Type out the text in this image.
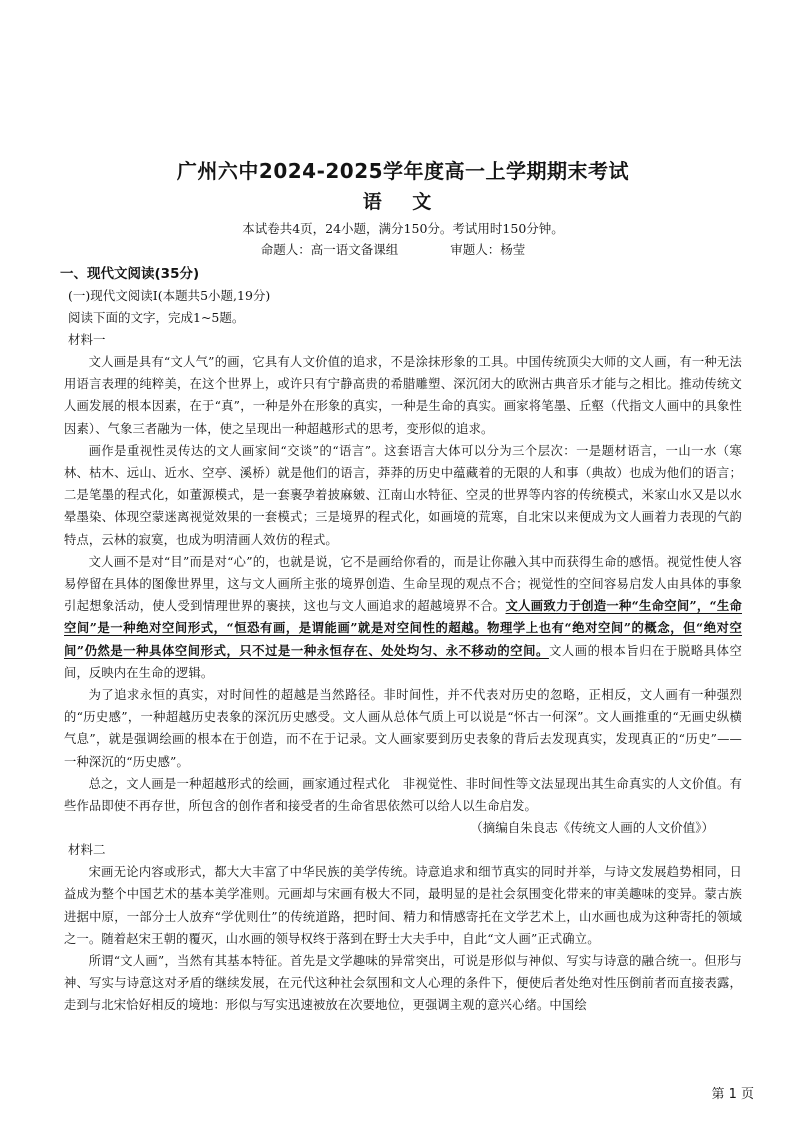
广州六中2024-2025学年度高一上学期期末考试

语 文

本试卷共4页，24小题，满分150分。考试用时150分钟。

命题人：高一语文备课组	审题人：杨莹

一、现代文阅读(35分)

(一)现代文阅读Ⅰ(本题共5小题,19分)

阅读下面的文字，完成1~5题。

材料一

文人画是具有“文人气”的画，它具有人文价值的追求，不是涂抹形象的工具。中国传统顶尖大师的文人画，有一种无法用语言表理的纯粹美，在这个世界上，或许只有宁静高贵的希腊雕塑、深沉闭大的欧洲古典音乐才能与之相比。推动传统文人画发展的根本因素，在于“真”，一种是外在形象的真实，一种是生命的真实。画家将笔墨、丘壑（代指文人画中的具象性因素）、气象三者融为一体，使之呈现出一种超越形式的思考，变形似的追求。

画作是重视性灵传达的文人画家间“交谈”的“语言”。这套语言大体可以分为三个层次：一是题材语言，一山一水（寒林、枯木、远山、近水、空亭、溪桥）就是他们的语言，莽莽的历史中蕴藏着的无限的人和事（典故）也成为他们的语言；二是笔墨的程式化，如董源模式，是一套裹孕着披麻皴、江南山水特征、空灵的世界等内容的传统模式，米家山水又是以水晕墨染、体现空蒙迷离视觉效果的一套模式；三是境界的程式化，如画境的荒寒，自北宋以来便成为文人画着力表现的气韵特点，云林的寂寞，也成为明清画人效仿的程式。

文人画不是对“目”而是对“心”的，也就是说，它不是画给你看的，而是让你融入其中而获得生命的感悟。视觉性使人容易停留在具体的图像世界里，这与文人画所主张的境界创造、生命呈现的观点不合；视觉性的空间容易启发人由具体的事象引起想象活动，使人受到情理世界的裹挟，这也与文人画追求的超越境界不合。文人画致力于创造一种“生命空间”，“生命空间”是一种绝对空间形式，“恒恐有画，是谓能画”就是对空间性的超越。物理学上也有“绝对空间”的概念，但“绝对空间”仍然是一种具体空间形式，只不过是一种永恒存在、处处均匀、永不移动的空间。文人画的根本旨归在于脱略具体空间，反映内在生命的逻辑。

为了追求永恒的真实，对时间性的超越是当然路径。非时间性，并不代表对历史的忽略，正相反，文人画有一种强烈的“历史感”，一种超越历史表象的深沉历史感受。文人画从总体气质上可以说是“怀古一何深”。文人画推重的“无画史纵横气息”，就是强调绘画的根本在于创造，而不在于记录。文人画家要到历史表象的背后去发现真实，发现真正的“历史”——一种深沉的“历史感”。

总之，文人画是一种超越形式的绘画，画家通过程式化　非视觉性、非时间性等文法显现出其生命真实的人文价值。有些作品即使不再存世，所包含的创作者和接受者的生命省思依然可以给人以生命启发。

（摘编自朱良志《传统文人画的人文价值》）

材料二

宋画无论内容或形式，都大大丰富了中华民族的美学传统。诗意追求和细节真实的同时并举，与诗文发展趋势相同，日益成为整个中国艺术的基本美学准则。元画却与宋画有极大不同，最明显的是社会氛围变化带来的审美趣味的变异。蒙古族进据中原，一部分士人放弃“学优则仕”的传统道路，把时间、精力和情感寄托在文学艺术上，山水画也成为这种寄托的领域之一。随着赵宋王朝的覆灭，山水画的领导权终于落到在野士大夫手中，自此“文人画”正式确立。

所谓“文人画”，当然有其基本特征。首先是文学趣味的异常突出，可说是形似与神似、写实与诗意的融合统一。但形与神、写实与诗意这对矛盾的继续发展，在元代这种社会氛围和文人心理的条件下，便使后者处绝对性压倒前者而直接表露，走到与北宋恰好相反的境地：形似与写实迅速被放在次要地位，更强调主观的意兴心绪。中国绘

第 1 页
